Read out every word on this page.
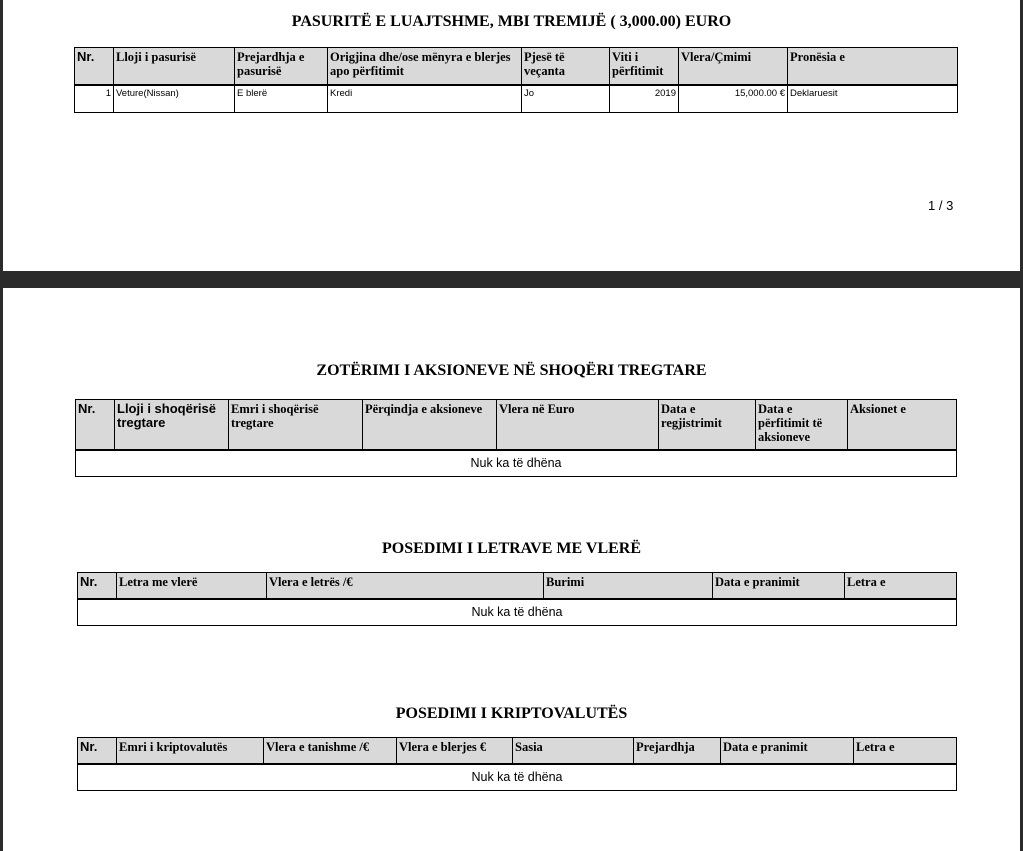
PASURITË E LUAJTSHME, MBI TREMIJË ( 3,000.00) EURO
Nr.	Lloji i pasurisë	Prejardhja e pasurisë	Origjina dhe/ose mënyra e blerjes apo përfitimit	Pjesë të veçanta	Viti i përfitimit	Vlera/Çmimi	Pronësia e
1	Veture(Nissan)	E blerë	Kredi	Jo	2019	15,000.00 €	Deklaruesit
1 / 3
ZOTËRIMI I AKSIONEVE NË SHOQËRI TREGTARE
Nr.	Lloji i shoqërisë tregtare	Emri i shoqërisë tregtare	Përqindja e aksioneve	Vlera në Euro	Data e regjistrimit	Data e përfitimit të aksioneve	Aksionet e
Nuk ka të dhëna
POSEDIMI I LETRAVE ME VLERË
Nr.	Letra me vlerë	Vlera e letrës /€	Burimi	Data e pranimit	Letra e
Nuk ka të dhëna
POSEDIMI I KRIPTOVALUTËS
Nr.	Emri i kriptovalutës	Vlera e tanishme /€	Vlera e blerjes €	Sasia	Prejardhja	Data e pranimit	Letra e
Nuk ka të dhëna
